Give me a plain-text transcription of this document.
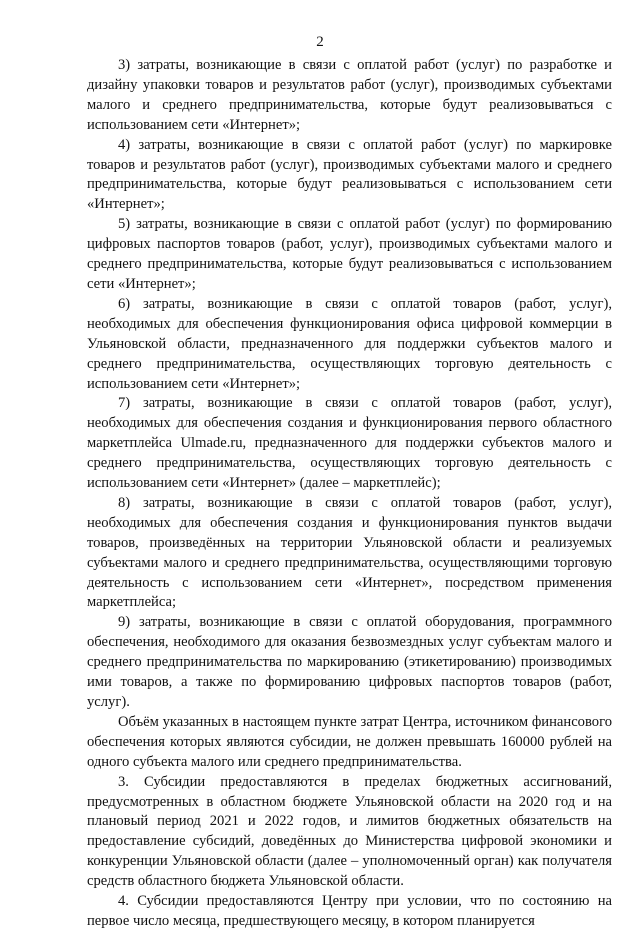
2

3) затраты, возникающие в связи с оплатой работ (услуг) по разработке и дизайну упаковки товаров и результатов работ (услуг), производимых субъектами малого и среднего предпринимательства, которые будут реализовываться с использованием сети «Интернет»;

4) затраты, возникающие в связи с оплатой работ (услуг) по маркировке товаров и результатов работ (услуг), производимых субъектами малого и среднего предпринимательства, которые будут реализовываться с использованием сети «Интернет»;

5) затраты, возникающие в связи с оплатой работ (услуг) по формированию цифровых паспортов товаров (работ, услуг), производимых субъектами малого и среднего предпринимательства, которые будут реализовываться с использованием сети «Интернет»;

6) затраты, возникающие в связи с оплатой товаров (работ, услуг), необходимых для обеспечения функционирования офиса цифровой коммерции в Ульяновской области, предназначенного для поддержки субъектов малого и среднего предпринимательства, осуществляющих торговую деятельность с использованием сети «Интернет»;

7) затраты, возникающие в связи с оплатой товаров (работ, услуг), необходимых для обеспечения создания и функционирования первого областного маркетплейса Ulmade.ru, предназначенного для поддержки субъектов малого и среднего предпринимательства, осуществляющих торговую деятельность с использованием сети «Интернет» (далее – маркетплейс);

8) затраты, возникающие в связи с оплатой товаров (работ, услуг), необходимых для обеспечения создания и функционирования пунктов выдачи товаров, произведённых на территории Ульяновской области и реализуемых субъектами малого и среднего предпринимательства, осуществляющими торговую деятельность с использованием сети «Интернет», посредством применения маркетплейса;

9) затраты, возникающие в связи с оплатой оборудования, программного обеспечения, необходимого для оказания безвозмездных услуг субъектам малого и среднего предпринимательства по маркированию (этикетированию) производимых ими товаров, а также по формированию цифровых паспортов товаров (работ, услуг).

Объём указанных в настоящем пункте затрат Центра, источником финансового обеспечения которых являются субсидии, не должен превышать 160000 рублей на одного субъекта малого или среднего предпринимательства.

3. Субсидии предоставляются в пределах бюджетных ассигнований, предусмотренных в областном бюджете Ульяновской области на 2020 год и на плановый период 2021 и 2022 годов, и лимитов бюджетных обязательств на предоставление субсидий, доведённых до Министерства цифровой экономики и конкуренции Ульяновской области (далее – уполномоченный орган) как получателя средств областного бюджета Ульяновской области.

4. Субсидии предоставляются Центру при условии, что по состоянию на первое число месяца, предшествующего месяцу, в котором планируется
